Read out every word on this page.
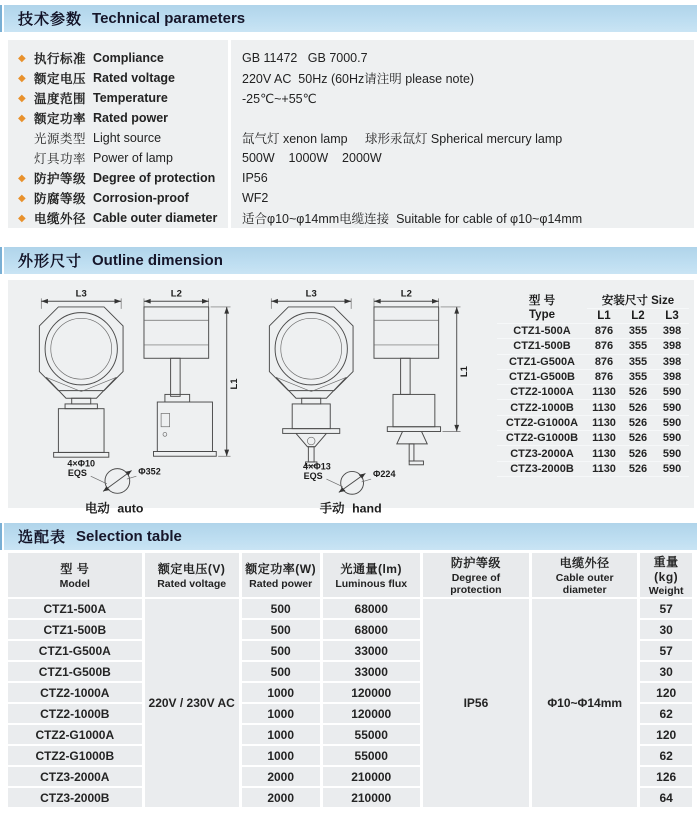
技术参数 Technical parameters
◆ 执行标准 Compliance	GB 11472   GB 7000.7
◆ 额定电压 Rated voltage	220V AC  50Hz (60Hz请注明 please note)
◆ 温度范围 Temperature	-25℃~+55℃
◆ 额定功率 Rated power
光源类型 Light source	氙气灯 xenon lamp     球形汞氙灯 Spherical mercury lamp
灯具功率 Power of lamp	500W    1000W    2000W
◆ 防护等级 Degree of protection	IP56
◆ 防腐等级 Corrosion-proof	WF2
◆ 电缆外径 Cable outer diameter	适合φ10~φ14mm电缆连接  Suitable for cable of φ10~φ14mm
外形尺寸 Outline dimension
L3	L2
L1
4×Φ10
EQS	Φ352
电动 auto
L3	L2
L1
4×Φ13
EQS	Φ224
手动 hand
型 号
Type	安装尺寸 Size		
	L1	L2	L3
CTZ1-500A	876	355	398
CTZ1-500B	876	355	398
CTZ1-G500A	876	355	398
CTZ1-G500B	876	355	398
CTZ2-1000A	1130	526	590
CTZ2-1000B	1130	526	590
CTZ2-G1000A	1130	526	590
CTZ2-G1000B	1130	526	590
CTZ3-2000A	1130	526	590
CTZ3-2000B	1130	526	590
选配表 Selection table
型 号
Model

额定电压(V)
Rated voltage

额定功率(W)
Rated power

光通量(lm)
Luminous flux

防护等级
Degree of protection

电缆外径
Cable outer diameter

重量(kg)
Weight

CTZ1-500A	220V / 230V AC	500	68000	IP56	Φ10~Φ14mm	57
CTZ1-500B		500	68000			30
CTZ1-G500A		500	33000			57
CTZ1-G500B		500	33000			30
CTZ2-1000A		1000	120000			120
CTZ2-1000B		1000	120000			62
CTZ2-G1000A		1000	55000			120
CTZ2-G1000B		1000	55000			62
CTZ3-2000A		2000	210000			126
CTZ3-2000B		2000	210000			64
